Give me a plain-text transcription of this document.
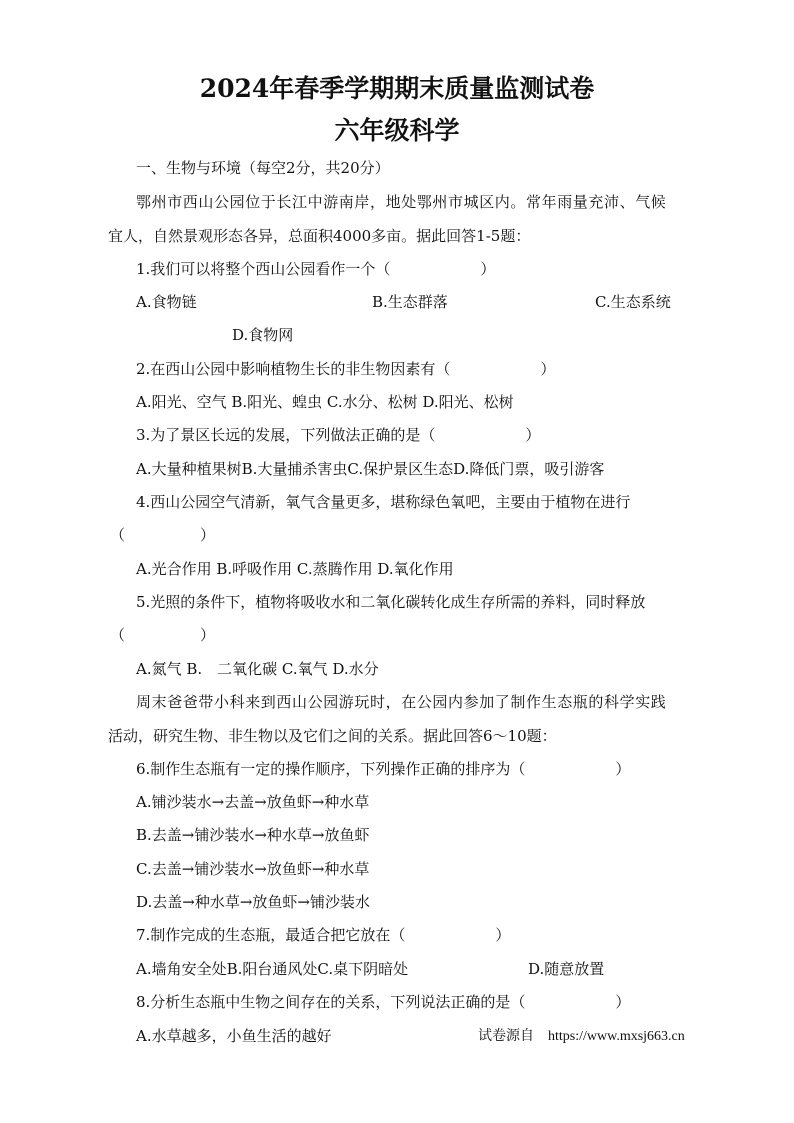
2024年春季学期期末质量监测试卷
六年级科学
一、生物与环境（每空2分，共20分）
鄂州市西山公园位于长江中游南岸，地处鄂州市城区内。常年雨量充沛、气候
宜人，自然景观形态各异，总面积4000多亩。据此回答1-5题：
1.我们可以将整个西山公园看作一个（　　　　　　）
A.食物链	B.生态群落	C.生态系统
D.食物网
2.在西山公园中影响植物生长的非生物因素有（　　　　　　）
A.阳光、空气 B.阳光、蝗虫 C.水分、松树 D.阳光、松树
3.为了景区长远的发展，下列做法正确的是（　　　　　　）
A.大量种植果树B.大量捕杀害虫C.保护景区生态D.降低门票，吸引游客
4.西山公园空气清新，氧气含量更多，堪称绿色氧吧，主要由于植物在进行
（　　　　　）
A.光合作用 B.呼吸作用 C.蒸腾作用 D.氧化作用
5.光照的条件下，植物将吸收水和二氧化碳转化成生存所需的养料，同时释放
（　　　　　）
A.氮气 B.　二氧化碳 C.氧气 D.水分
周末爸爸带小科来到西山公园游玩时，在公园内参加了制作生态瓶的科学实践
活动，研究生物、非生物以及它们之间的关系。据此回答6～10题：
6.制作生态瓶有一定的操作顺序，下列操作正确的排序为（　　　　　　）
A.铺沙装水→去盖→放鱼虾→种水草
B.去盖→铺沙装水→种水草→放鱼虾
C.去盖→铺沙装水→放鱼虾→种水草
D.去盖→种水草→放鱼虾→铺沙装水
7.制作完成的生态瓶，最适合把它放在（　　　　　　）
A.墙角安全处B.阳台通风处C.桌下阴暗处	D.随意放置
8.分析生态瓶中生物之间存在的关系，下列说法正确的是（　　　　　　）
A.水草越多，小鱼生活的越好	试卷源自　 https://www.mxsj663.cn
